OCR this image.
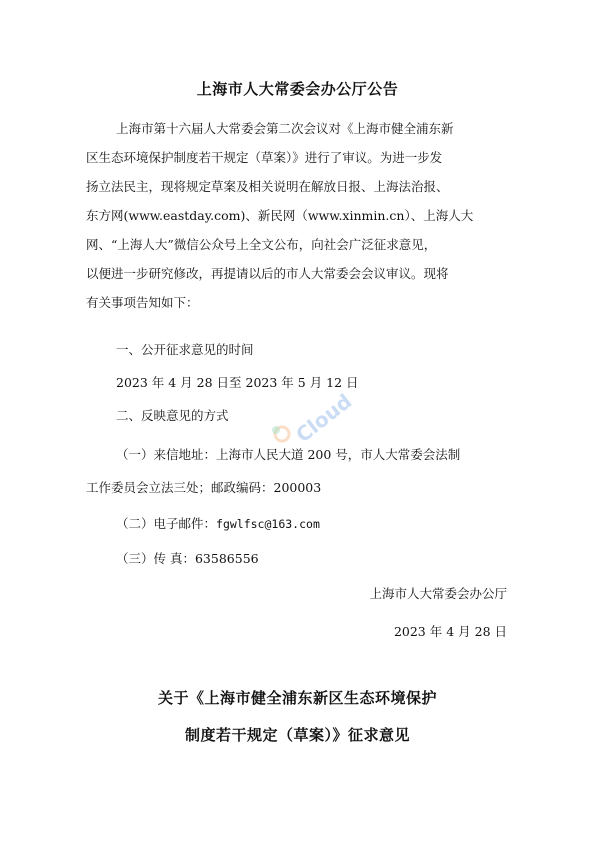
上海市人大常委会办公厅公告

上海市第十六届人大常委会第二次会议对《上海市健全浦东新

区生态环境保护制度若干规定（草案）》进行了审议。为进一步发

扬立法民主，现将规定草案及相关说明在解放日报、上海法治报、

东方网(www.eastday.com)、新民网（www.xinmin.cn）、上海人大

网、“上海人大”微信公众号上全文公布，向社会广泛征求意见，

以便进一步研究修改，再提请以后的市人大常委会会议审议。现将

有关事项告知如下：

一、公开征求意见的时间

2023 年 4 月 28 日至 2023 年 5 月 12 日

二、反映意见的方式

（一）来信地址：上海市人民大道 200 号，市人大常委会法制

工作委员会立法三处；邮政编码：200003

（二）电子邮件：fgwlfsc@163.com

（三）传 真：63586556

上海市人大常委会办公厅

2023 年 4 月 28 日

关于《上海市健全浦东新区生态环境保护
制度若干规定（草案）》征求意见
Cloud
